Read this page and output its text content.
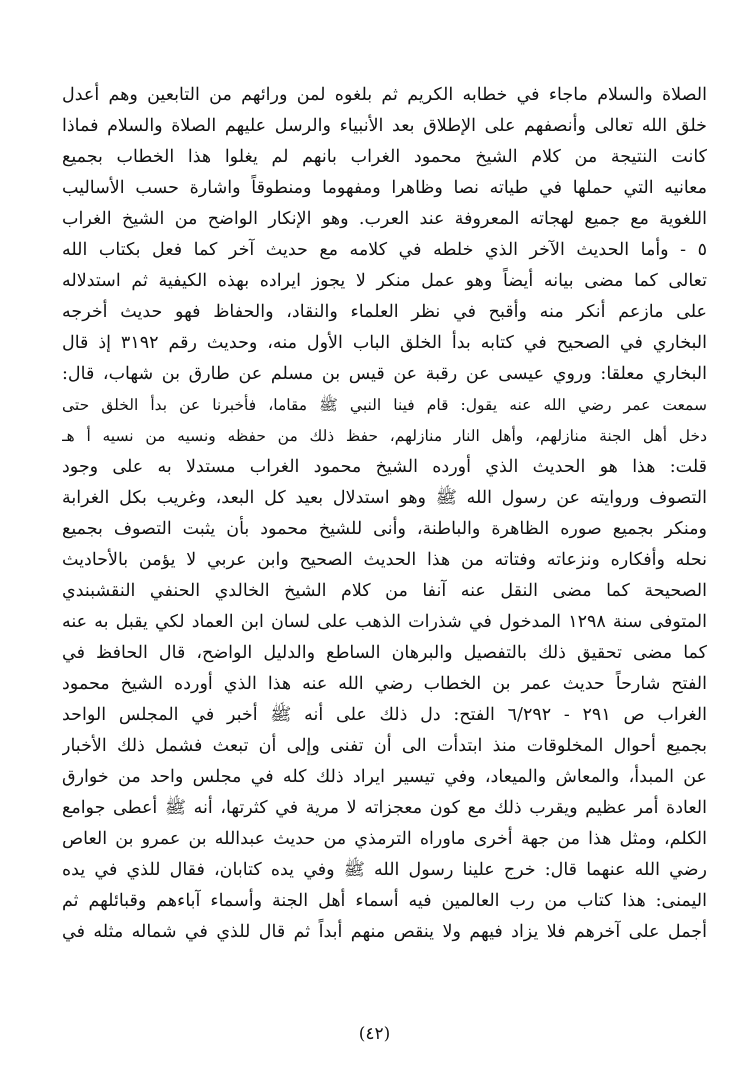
الصلاة والسلام ماجاء في خطابه الكريم ثم بلغوه لمن ورائهم من التابعين وهم أعدل
خلق الله تعالى وأنصفهم على الإطلاق بعد الأنبياء والرسل عليهم الصلاة والسلام فماذا
كانت النتيجة من كلام الشيخ محمود الغراب بانهم لم يغلوا هذا الخطاب بجميع
معانيه التي حملها في طياته نصا وظاهرا ومفهوما ومنطوقاً واشارة حسب الأساليب
اللغوية مع جميع لهجاته المعروفة عند العرب. وهو الإنكار الواضح من الشيخ الغراب
٥ - وأما الحديث الآخر الذي خلطه في كلامه مع حديث آخر كما فعل بكتاب الله
تعالى كما مضى بيانه أيضاً وهو عمل منكر لا يجوز ايراده بهذه الكيفية ثم استدلاله
على مازعم أنكر منه وأقبح في نظر العلماء والنقاد، والحفاظ فهو حديث أخرجه
البخاري في الصحيح في كتابه بدأ الخلق الباب الأول منه، وحديث رقم ٣١٩٢ إذ قال
البخاري معلقا: وروي عيسى عن رقبة عن قيس بن مسلم عن طارق بن شهاب، قال:
سمعت عمر رضي الله عنه يقول: قام فينا النبي ﷺ مقاما، فأخبرنا عن بدأ الخلق حتى
دخل أهل الجنة منازلهم، وأهل النار منازلهم، حفظ ذلك من حفظه ونسيه من نسيه أ هـ
قلت: هذا هو الحديث الذي أورده الشيخ محمود الغراب مستدلا به على وجود
التصوف وروايته عن رسول الله ﷺ وهو استدلال بعيد كل البعد، وغريب بكل الغرابة
ومنكر بجميع صوره الظاهرة والباطنة، وأنى للشيخ محمود بأن يثبت التصوف بجميع
نحله وأفكاره ونزعاته وفتاته من هذا الحديث الصحيح وابن عربي لا يؤمن بالأحاديث
الصحيحة كما مضى النقل عنه آنفا من كلام الشيخ الخالدي الحنفي النقشبندي
المتوفى سنة ١٢٩٨ المدخول في شذرات الذهب على لسان ابن العماد لكي يقبل به عنه
كما مضى تحقيق ذلك بالتفصيل والبرهان الساطع والدليل الواضح، قال الحافظ في
الفتح شارحاً حديث عمر بن الخطاب رضي الله عنه هذا الذي أورده الشيخ محمود
الغراب ص ٢٩١ - ٦/٢٩٢ الفتح: دل ذلك على أنه ﷺ أخبر في المجلس الواحد
بجميع أحوال المخلوقات منذ ابتدأت الى أن تفنى وإلى أن تبعث فشمل ذلك الأخبار
عن المبدأ، والمعاش والميعاد، وفي تيسير ايراد ذلك كله في مجلس واحد من خوارق
العادة أمر عظيم ويقرب ذلك مع كون معجزاته لا مرية في كثرتها، أنه ﷺ أعطى جوامع
الكلم، ومثل هذا من جهة أخرى ماوراه الترمذي من حديث عبدالله بن عمرو بن العاص
رضي الله عنهما قال: خرج علينا رسول الله ﷺ وفي يده كتابان، فقال للذي في يده
اليمنى: هذا كتاب من رب العالمين فيه أسماء أهل الجنة وأسماء آباءهم وقبائلهم ثم
أجمل على آخرهم فلا يزاد فيهم ولا ينقص منهم أبداً ثم قال للذي في شماله مثله في
(٤٢)
